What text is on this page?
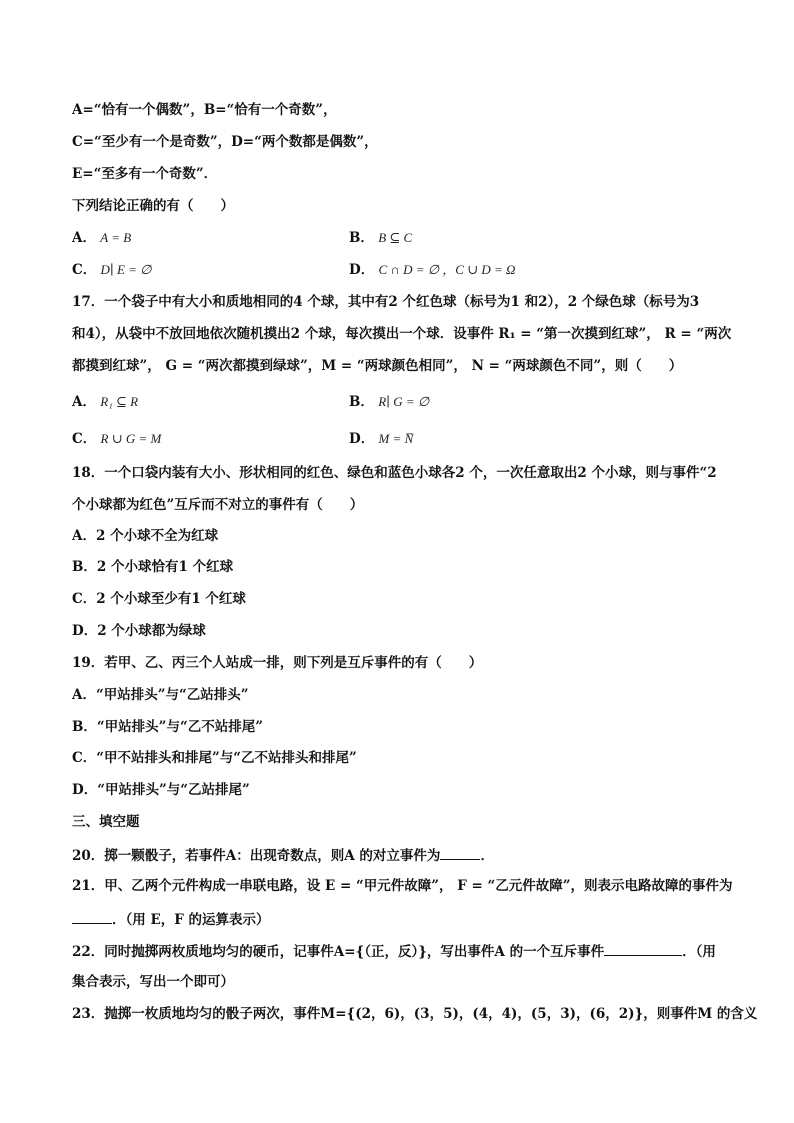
A=“恰有一个偶数”，B=“恰有一个奇数”，
C=“至少有一个是奇数”，D=“两个数都是偶数”，
E=“至多有一个奇数”．
下列结论正确的有（　　）
A． A = B	B． B ⊆ C
C． D∣ E = ∅	D． C ∩ D = ∅ ，C ∪ D = Ω
17．一个袋子中有大小和质地相同的4 个球，其中有2 个红色球（标号为1 和2），2 个绿色球（标号为3
和4），从袋中不放回地依次随机摸出2 个球，每次摸出一个球．设事件 R₁ = “第一次摸到红球”， R = “两次
都摸到红球”， G = “两次都摸到绿球”，M = “两球颜色相同”， N = “两球颜色不同”，则（　　）
A． R₁ ⊆ R	B． R∣ G = ∅
C． R ∪ G = M	D． M = N̅
18．一个口袋内装有大小、形状相同的红色、绿色和蓝色小球各2 个，一次任意取出2 个小球，则与事件“2
个小球都为红色”互斥而不对立的事件有（　　）
A．2 个小球不全为红球
B．2 个小球恰有1 个红球
C．2 个小球至少有1 个红球
D．2 个小球都为绿球
19．若甲、乙、丙三个人站成一排，则下列是互斥事件的有（　　）
A．“甲站排头”与“乙站排头”
B．“甲站排头”与“乙不站排尾”
C．“甲不站排头和排尾”与“乙不站排头和排尾”
D．“甲站排头”与“乙站排尾”
三、填空题
20．掷一颗骰子，若事件A：出现奇数点，则A 的对立事件为	．
21．甲、乙两个元件构成一串联电路，设 E = “甲元件故障”， F = “乙元件故障”，则表示电路故障的事件为
．（用 E，F 的运算表示）
22．同时抛掷两枚质地均匀的硬币，记事件A={（正，反）}，写出事件A 的一个互斥事件	．（用
集合表示，写出一个即可）
23．抛掷一枚质地均匀的骰子两次，事件M={(2，6)，(3，5)，(4，4)，(5，3)，(6，2)}，则事件M 的含义
